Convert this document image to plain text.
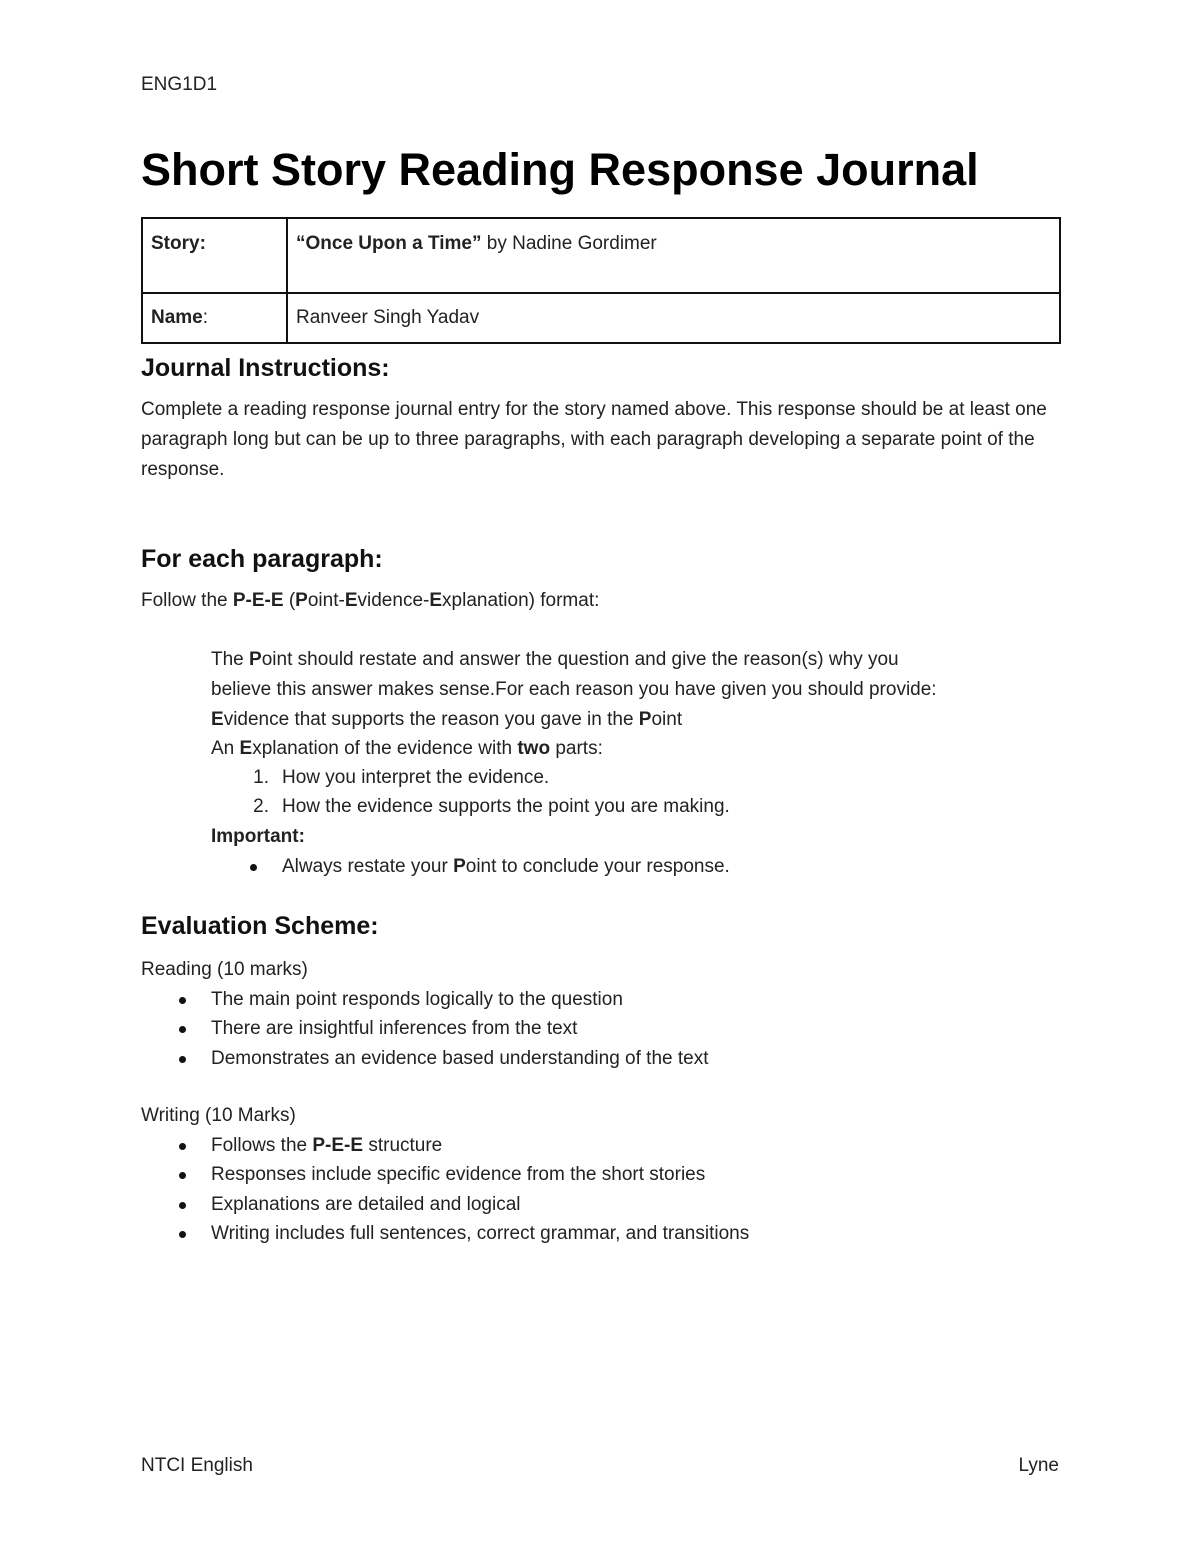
ENG1D1
Short Story Reading Response Journal
Story:	“Once Upon a Time” by Nadine Gordimer
Name:	Ranveer Singh Yadav
Journal Instructions:

Complete a reading response journal entry for the story named above. This response should be at least one paragraph long but can be up to three paragraphs, with each paragraph developing a separate point of the response.

For each paragraph:

Follow the P-E-E (Point-Evidence-Explanation) format:

The Point should restate and answer the question and give the reason(s) why you

believe this answer makes sense.For each reason you have given you should provide:

Evidence that supports the reason you gave in the Point

An Explanation of the evidence with two parts:

1. How you interpret the evidence.
2. How the evidence supports the point you are making.

Important:

Always restate your Point to conclude your response.
Evaluation Scheme:

Reading (10 marks)

The main point responds logically to the question
There are insightful inferences from the text
Demonstrates an evidence based understanding of the text

Writing (10 Marks)

Follows the P-E-E structure
Responses include specific evidence from the short stories
Explanations are detailed and logical
Writing includes full sentences, correct grammar, and transitions
NTCI English	Lyne
